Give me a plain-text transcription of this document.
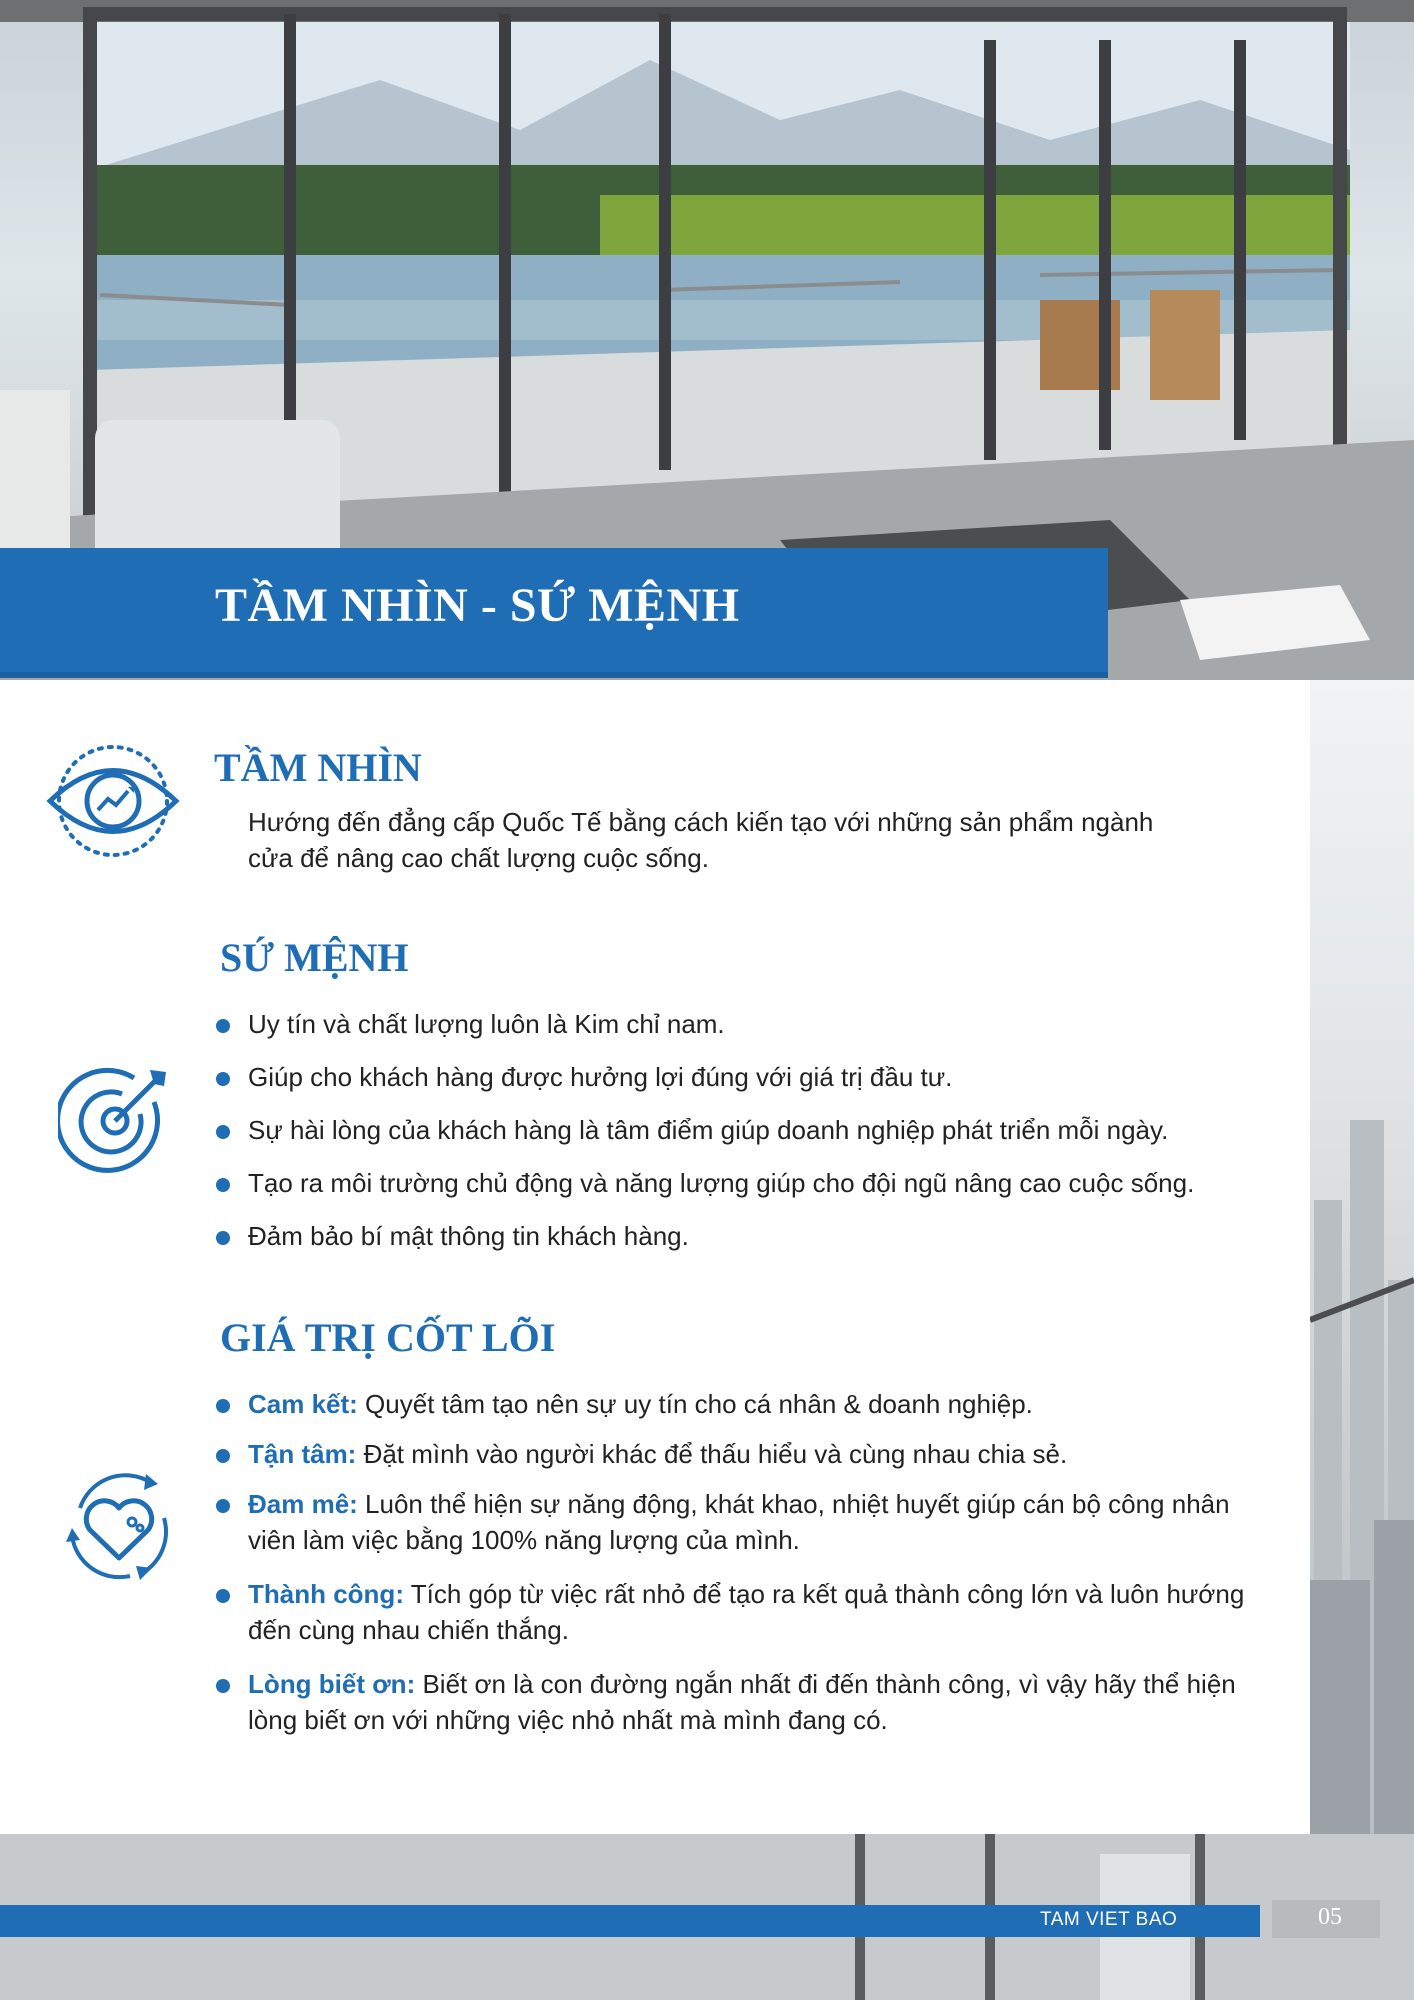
TẦM NHÌN - SỨ MỆNH
TẦM NHÌN

Hướng đến đẳng cấp Quốc Tế bằng cách kiến tạo với những sản phẩm ngành
cửa để nâng cao chất lượng cuộc sống.

SỨ MỆNH
Uy tín và chất lượng luôn là Kim chỉ nam.
Giúp cho khách hàng được hưởng lợi đúng với giá trị đầu tư.
Sự hài lòng của khách hàng là tâm điểm giúp doanh nghiệp phát triển mỗi ngày.
Tạo ra môi trường chủ động và năng lượng giúp cho đội ngũ nâng cao cuộc sống.
Đảm bảo bí mật thông tin khách hàng.
GIÁ TRỊ CỐT LÕI
Cam kết: Quyết tâm tạo nên sự uy tín cho cá nhân & doanh nghiệp.
Tận tâm: Đặt mình vào người khác để thấu hiểu và cùng nhau chia sẻ.
Đam mê: Luôn thể hiện sự năng động, khát khao, nhiệt huyết giúp cán bộ công nhân viên làm việc bằng 100% năng lượng của mình.
Thành công: Tích góp từ việc rất nhỏ để tạo ra kết quả thành công lớn và luôn hướng đến cùng nhau chiến thắng.
Lòng biết ơn: Biết ơn là con đường ngắn nhất đi đến thành công, vì vậy hãy thể hiện lòng biết ơn với những việc nhỏ nhất mà mình đang có.
TAM VIET BAO	05
